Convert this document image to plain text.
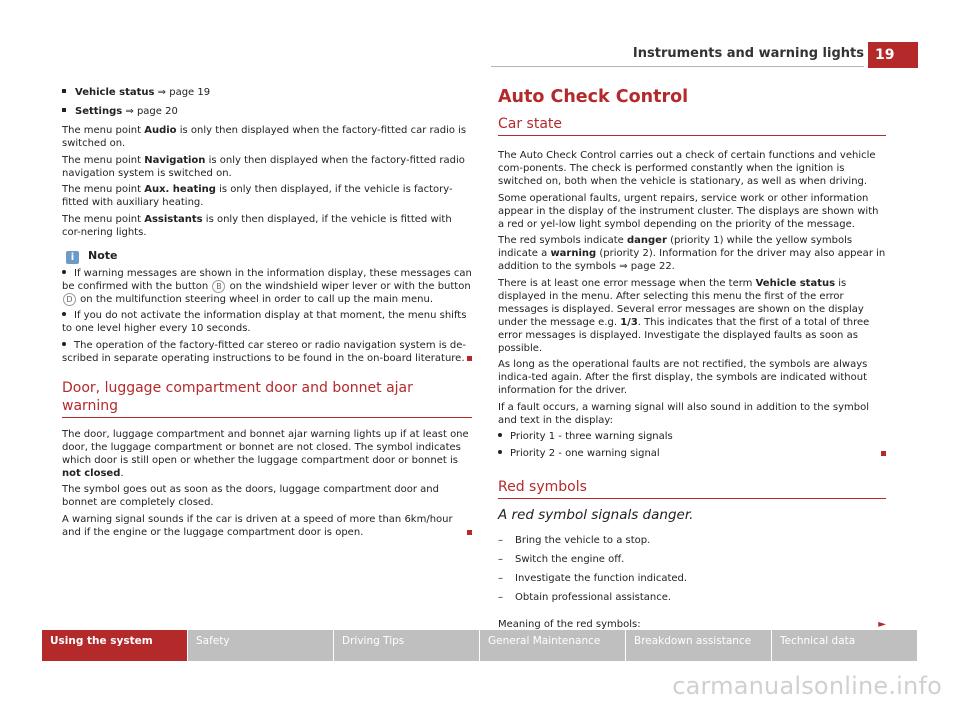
Instruments and warning lights 19
Vehicle status ⇒ page 19
Settings ⇒ page 20

The menu point Audio is only then displayed when the factory-fitted car radio is switched on.

The menu point Navigation is only then displayed when the factory-fitted radio navigation system is switched on.

The menu point Aux. heating is only then displayed, if the vehicle is factory-fitted with auxiliary heating.

The menu point Assistants is only then displayed, if the vehicle is fitted with cor-nering lights.

i Note

If warning messages are shown in the information display, these messages can be confirmed with the button B on the windshield wiper lever or with the button D on the multifunction steering wheel in order to call up the main menu.

If you do not activate the information display at that moment, the menu shifts to one level higher every 10 seconds.

The operation of the factory-fitted car stereo or radio navigation system is de-scribed in separate operating instructions to be found in the on-board literature.

Door, luggage compartment door and bonnet ajar warning

The door, luggage compartment and bonnet ajar warning lights up if at least one door, the luggage compartment or bonnet are not closed. The symbol indicates which door is still open or whether the luggage compartment door or bonnet is not closed.

The symbol goes out as soon as the doors, luggage compartment door and bonnet are completely closed.

A warning signal sounds if the car is driven at a speed of more than 6km/hour and if the engine or the luggage compartment door is open.

Auto Check Control
Car state

The Auto Check Control carries out a check of certain functions and vehicle com-ponents. The check is performed constantly when the ignition is switched on, both when the vehicle is stationary, as well as when driving.

Some operational faults, urgent repairs, service work or other information appear in the display of the instrument cluster. The displays are shown with a red or yel-low light symbol depending on the priority of the message.

The red symbols indicate danger (priority 1) while the yellow symbols indicate a warning (priority 2). Information for the driver may also appear in addition to the symbols ⇒ page 22.

There is at least one error message when the term Vehicle status is displayed in the menu. After selecting this menu the first of the error messages is displayed. Several error messages are shown on the display under the message e.g. 1/3. This indicates that the first of a total of three error messages is displayed. Investigate the displayed faults as soon as possible.

As long as the operational faults are not rectified, the symbols are always indica-ted again. After the first display, the symbols are indicated without information for the driver.

If a fault occurs, a warning signal will also sound in addition to the symbol and text in the display:

Priority 1 - three warning signals

Priority 2 - one warning signal

Red symbols
A red symbol signals danger.
– Bring the vehicle to a stop.
– Switch the engine off.
– Investigate the function indicated.
– Obtain professional assistance.

Meaning of the red symbols:	►

Using the system	Safety	Driving Tips	General Maintenance	Breakdown assistance	Technical data
carmanualsonline.info
